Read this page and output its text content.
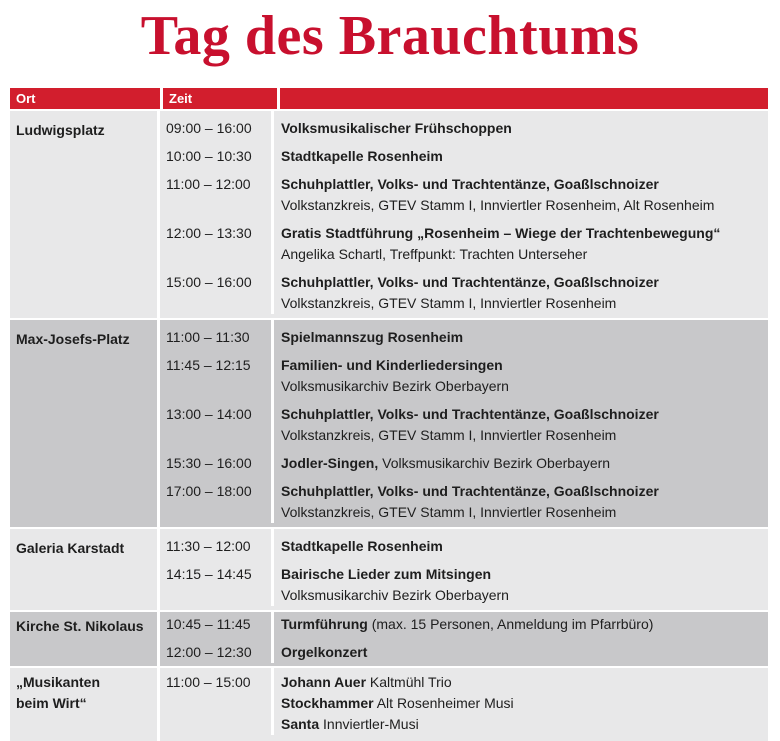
Tag des Brauchtums
Ort	Zeit
Ludwigsplatz	09:00 – 16:00	Volksmusikalischer Frühschoppen
10:00 – 10:30	Stadtkapelle Rosenheim
11:00 – 12:00	Schuhplattler, Volks- und Trachtentänze, Goaßlschnoizer
Volkstanzkreis, GTEV Stamm I, Innviertler Rosenheim, Alt Rosenheim
12:00 – 13:30	Gratis Stadtführung „Rosenheim – Wiege der Trachtenbewegung“
Angelika Schartl, Treffpunkt: Trachten Unterseher
15:00 – 16:00	Schuhplattler, Volks- und Trachtentänze, Goaßlschnoizer
Volkstanzkreis, GTEV Stamm I, Innviertler Rosenheim
Max-Josefs-Platz	11:00 – 11:30	Spielmannszug Rosenheim
11:45 – 12:15	Familien- und Kinderliedersingen
Volksmusikarchiv Bezirk Oberbayern
13:00 – 14:00	Schuhplattler, Volks- und Trachtentänze, Goaßlschnoizer
Volkstanzkreis, GTEV Stamm I, Innviertler Rosenheim
15:30 – 16:00	Jodler-Singen, Volksmusikarchiv Bezirk Oberbayern
17:00 – 18:00	Schuhplattler, Volks- und Trachtentänze, Goaßlschnoizer
Volkstanzkreis, GTEV Stamm I, Innviertler Rosenheim
Galeria Karstadt	11:30 – 12:00	Stadtkapelle Rosenheim
14:15 – 14:45	Bairische Lieder zum Mitsingen
Volksmusikarchiv Bezirk Oberbayern
Kirche St. Nikolaus	10:45 – 11:45	Turmführung (max. 15 Personen, Anmeldung im Pfarrbüro)
12:00 – 12:30	Orgelkonzert
„Musikanten
beim Wirt“
11:00 – 15:00	Johann Auer Kaltmühl Trio
Stockhammer Alt Rosenheimer Musi
Santa Innviertler-Musi
